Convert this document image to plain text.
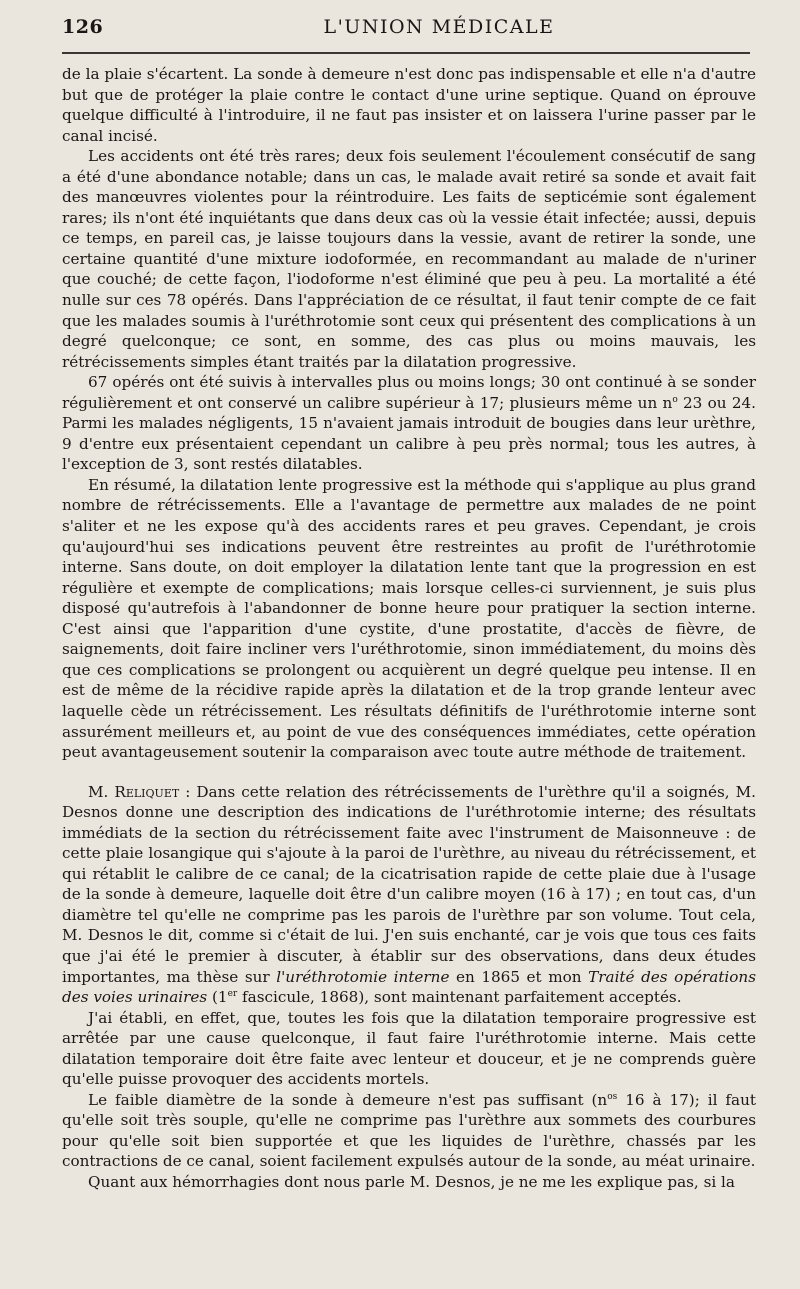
126	L'UNION MÉDICALE

de la plaie s'écartent. La sonde à demeure n'est donc pas indispensable et elle n'a d'autre but que de protéger la plaie contre le contact d'une urine septique. Quand on éprouve quelque difficulté à l'introduire, il ne faut pas insister et on laissera l'urine passer par le canal incisé.

Les accidents ont été très rares; deux fois seulement l'écoulement consécutif de sang a été d'une abondance notable; dans un cas, le malade avait retiré sa sonde et avait fait des manœuvres violentes pour la réintroduire. Les faits de septicémie sont également rares; ils n'ont été inquiétants que dans deux cas où la vessie était infectée; aussi, depuis ce temps, en pareil cas, je laisse toujours dans la vessie, avant de retirer la sonde, une certaine quantité d'une mixture iodoformée, en recommandant au malade de n'uriner que couché; de cette façon, l'iodoforme n'est éliminé que peu à peu. La mortalité a été nulle sur ces 78 opérés. Dans l'appréciation de ce résultat, il faut tenir compte de ce fait que les malades soumis à l'uréthrotomie sont ceux qui présentent des complications à un degré quelconque; ce sont, en somme, des cas plus ou moins mauvais, les rétrécissements simples étant traités par la dilatation progressive.

67 opérés ont été suivis à intervalles plus ou moins longs; 30 ont continué à se sonder régulièrement et ont conservé un calibre supérieur à 17; plusieurs même un $n^o$ 23 ou 24. Parmi les malades négligents, 15 n'avaient jamais introduit de bougies dans leur urèthre, 9 d'entre eux présentaient cependant un calibre à peu près normal; tous les autres, à l'exception de 3, sont restés dilatables.

En résumé, la dilatation lente progressive est la méthode qui s'applique au plus grand nombre de rétrécissements. Elle a l'avantage de permettre aux malades de ne point s'aliter et ne les expose qu'à des accidents rares et peu graves. Cependant, je crois qu'aujourd'hui ses indications peuvent être restreintes au profit de l'uréthrotomie interne. Sans doute, on doit employer la dilatation lente tant que la progression en est régulière et exempte de complications; mais lorsque celles-ci surviennent, je suis plus disposé qu'autrefois à l'abandonner de bonne heure pour pratiquer la section interne. C'est ainsi que l'apparition d'une cystite, d'une prostatite, d'accès de fièvre, de saignements, doit faire incliner vers l'uréthrotomie, sinon immédiatement, du moins dès que ces complications se prolongent ou acquièrent un degré quelque peu intense. Il en est de même de la récidive rapide après la dilatation et de la trop grande lenteur avec laquelle cède un rétrécissement. Les résultats définitifs de l'uréthrotomie interne sont assurément meilleurs et, au point de vue des conséquences immédiates, cette opération peut avantageusement soutenir la comparaison avec toute autre méthode de traitement.

M. Reliquet : Dans cette relation des rétrécissements de l'urèthre qu'il a soignés, M. Desnos donne une description des indications de l'uréthrotomie interne; des résultats immédiats de la section du rétrécissement faite avec l'instrument de Maisonneuve : de cette plaie losangique qui s'ajoute à la paroi de l'urèthre, au niveau du rétrécissement, et qui rétablit le calibre de ce canal; de la cicatrisation rapide de cette plaie due à l'usage de la sonde à demeure, laquelle doit être d'un calibre moyen (16 à 17) ; en tout cas, d'un diamètre tel qu'elle ne comprime pas les parois de l'urèthre par son volume. Tout cela, M. Desnos le dit, comme si c'était de lui. J'en suis enchanté, car je vois que tous ces faits que j'ai été le premier à discuter, à établir sur des observations, dans deux études importantes, ma thèse sur l'uréthrotomie interne en 1865 et mon Traité des opérations des voies urinaires (1er fascicule, 1868), sont maintenant parfaitement acceptés.

J'ai établi, en effet, que, toutes les fois que la dilatation temporaire progressive est arrêtée par une cause quelconque, il faut faire l'uréthrotomie interne. Mais cette dilatation temporaire doit être faite avec lenteur et douceur, et je ne comprends guère qu'elle puisse provoquer des accidents mortels.

Le faible diamètre de la sonde à demeure n'est pas suffisant ($n^{os}$ 16 à 17); il faut qu'elle soit très souple, qu'elle ne comprime pas l'urèthre aux sommets des courbures pour qu'elle soit bien supportée et que les liquides de l'urèthre, chassés par les contractions de ce canal, soient facilement expulsés autour de la sonde, au méat urinaire.

Quant aux hémorrhagies dont nous parle M. Desnos, je ne me les explique pas, si la
